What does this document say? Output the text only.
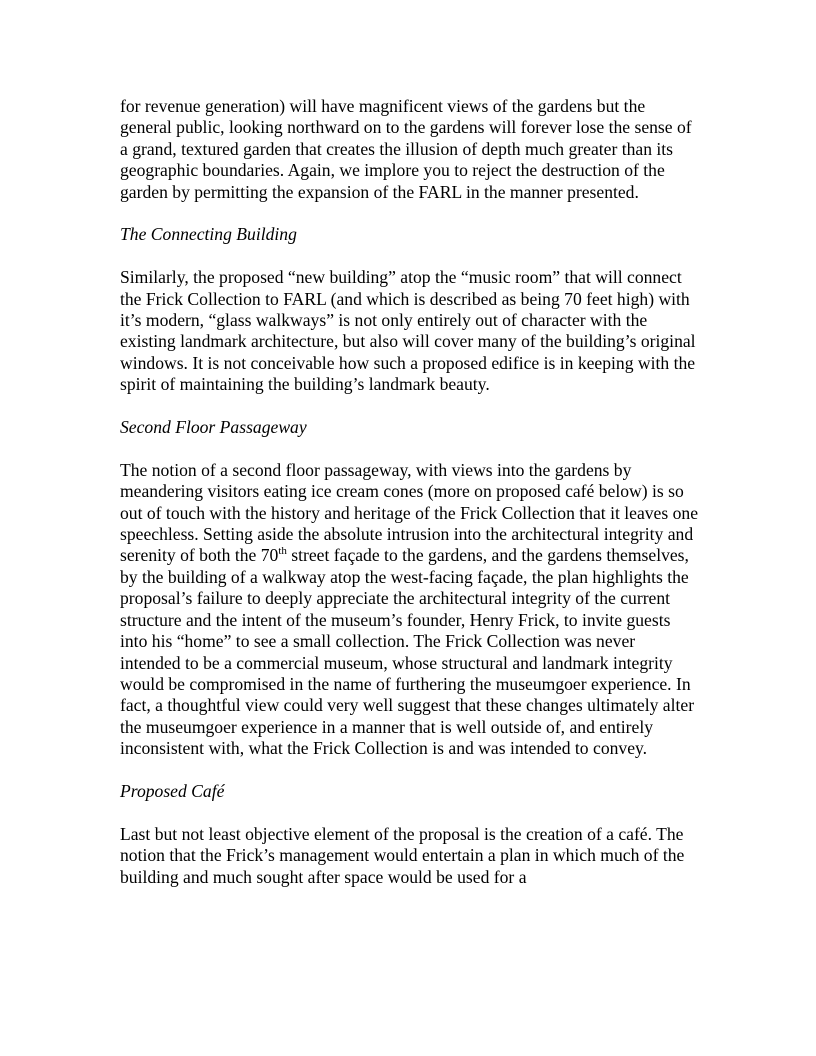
for revenue generation) will have magnificent views of the gardens but the general public, looking northward on to the gardens will forever lose the sense of a grand, textured garden that creates the illusion of depth much greater than its geographic boundaries. Again, we implore you to reject the destruction of the garden by permitting the expansion of the FARL in the manner presented.

The Connecting Building

Similarly, the proposed “new building” atop the “music room” that will connect the Frick Collection to FARL (and which is described as being 70 feet high) with it’s modern, “glass walkways” is not only entirely out of character with the existing landmark architecture, but also will cover many of the building’s original windows. It is not conceivable how such a proposed edifice is in keeping with the spirit of maintaining the building’s landmark beauty.

Second Floor Passageway

The notion of a second floor passageway, with views into the gardens by meandering visitors eating ice cream cones (more on proposed café below) is so out of touch with the history and heritage of the Frick Collection that it leaves one speechless. Setting aside the absolute intrusion into the architectural integrity and serenity of both the 70th street façade to the gardens, and the gardens themselves, by the building of a walkway atop the west-facing façade, the plan highlights the proposal’s failure to deeply appreciate the architectural integrity of the current structure and the intent of the museum’s founder, Henry Frick, to invite guests into his “home” to see a small collection. The Frick Collection was never intended to be a commercial museum, whose structural and landmark integrity would be compromised in the name of furthering the museumgoer experience. In fact, a thoughtful view could very well suggest that these changes ultimately alter the museumgoer experience in a manner that is well outside of, and entirely inconsistent with, what the Frick Collection is and was intended to convey.

Proposed Café

Last but not least objective element of the proposal is the creation of a café. The notion that the Frick’s management would entertain a plan in which much of the building and much sought after space would be used for a
